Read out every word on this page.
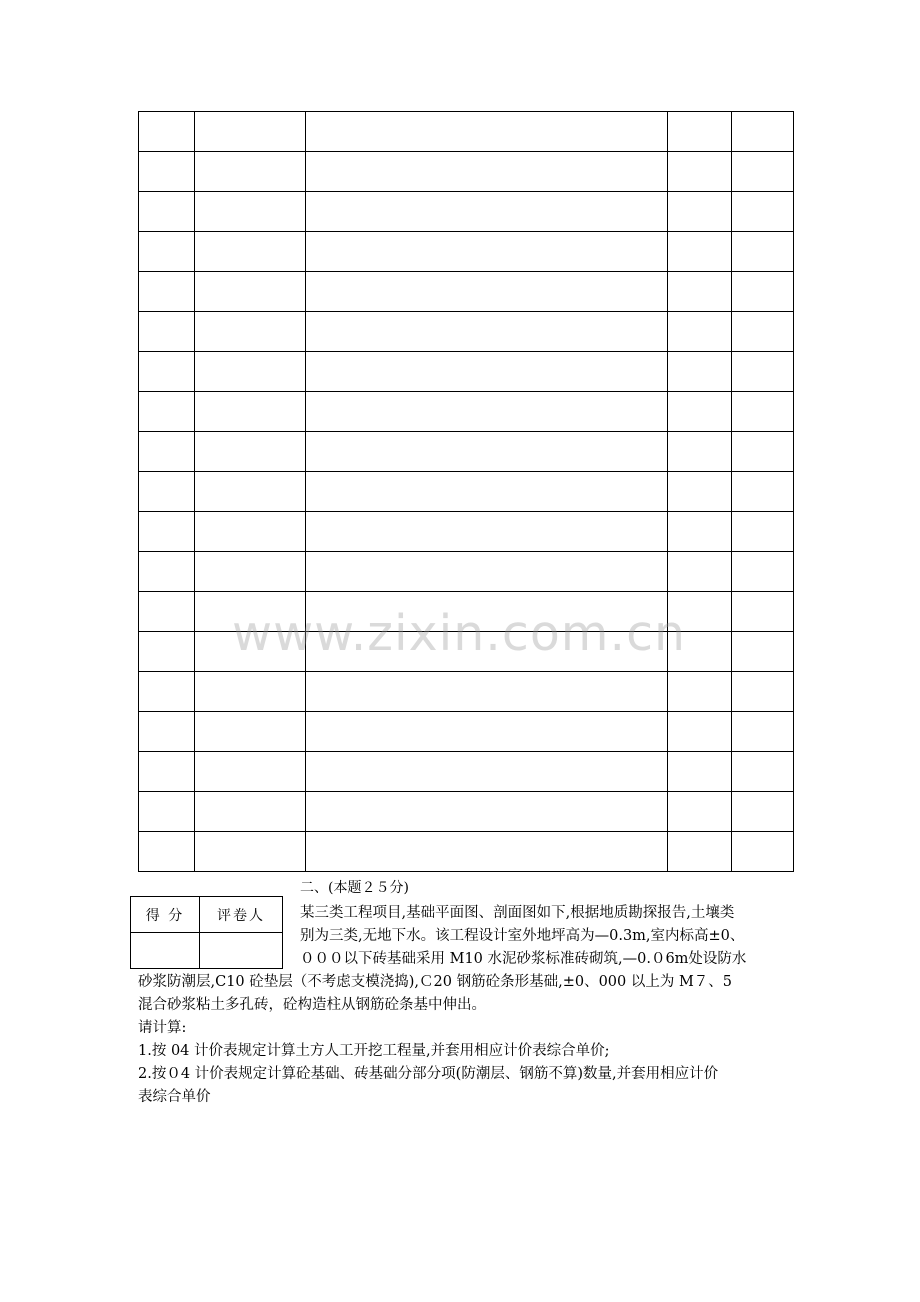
www.zixin.com.cn
二、(本题２５分)
得 分	评卷人
	某三类工程项目,基础平面图、剖面图如下,根据地质勘探报告,土壤类
别为三类,无地下水。该工程设计室外地坪高为—0.3m,室内标高±0、
０００以下砖基础采用 M10 水泥砂浆标准砖砌筑,—0.０6m处设防水
砂浆防潮层,C10 砼垫层（不考虑支模浇捣),Ｃ20 钢筋砼条形基础,±0、000 以上为 M７、5
混合砂浆粘土多孔砖，砼构造柱从钢筋砼条基中伸出。
请计算:
1.按 04 计价表规定计算土方人工开挖工程量,并套用相应计价表综合单价;
2.按０4 计价表规定计算砼基础、砖基础分部分项(防潮层、钢筋不算)数量,并套用相应计价
表综合单价
